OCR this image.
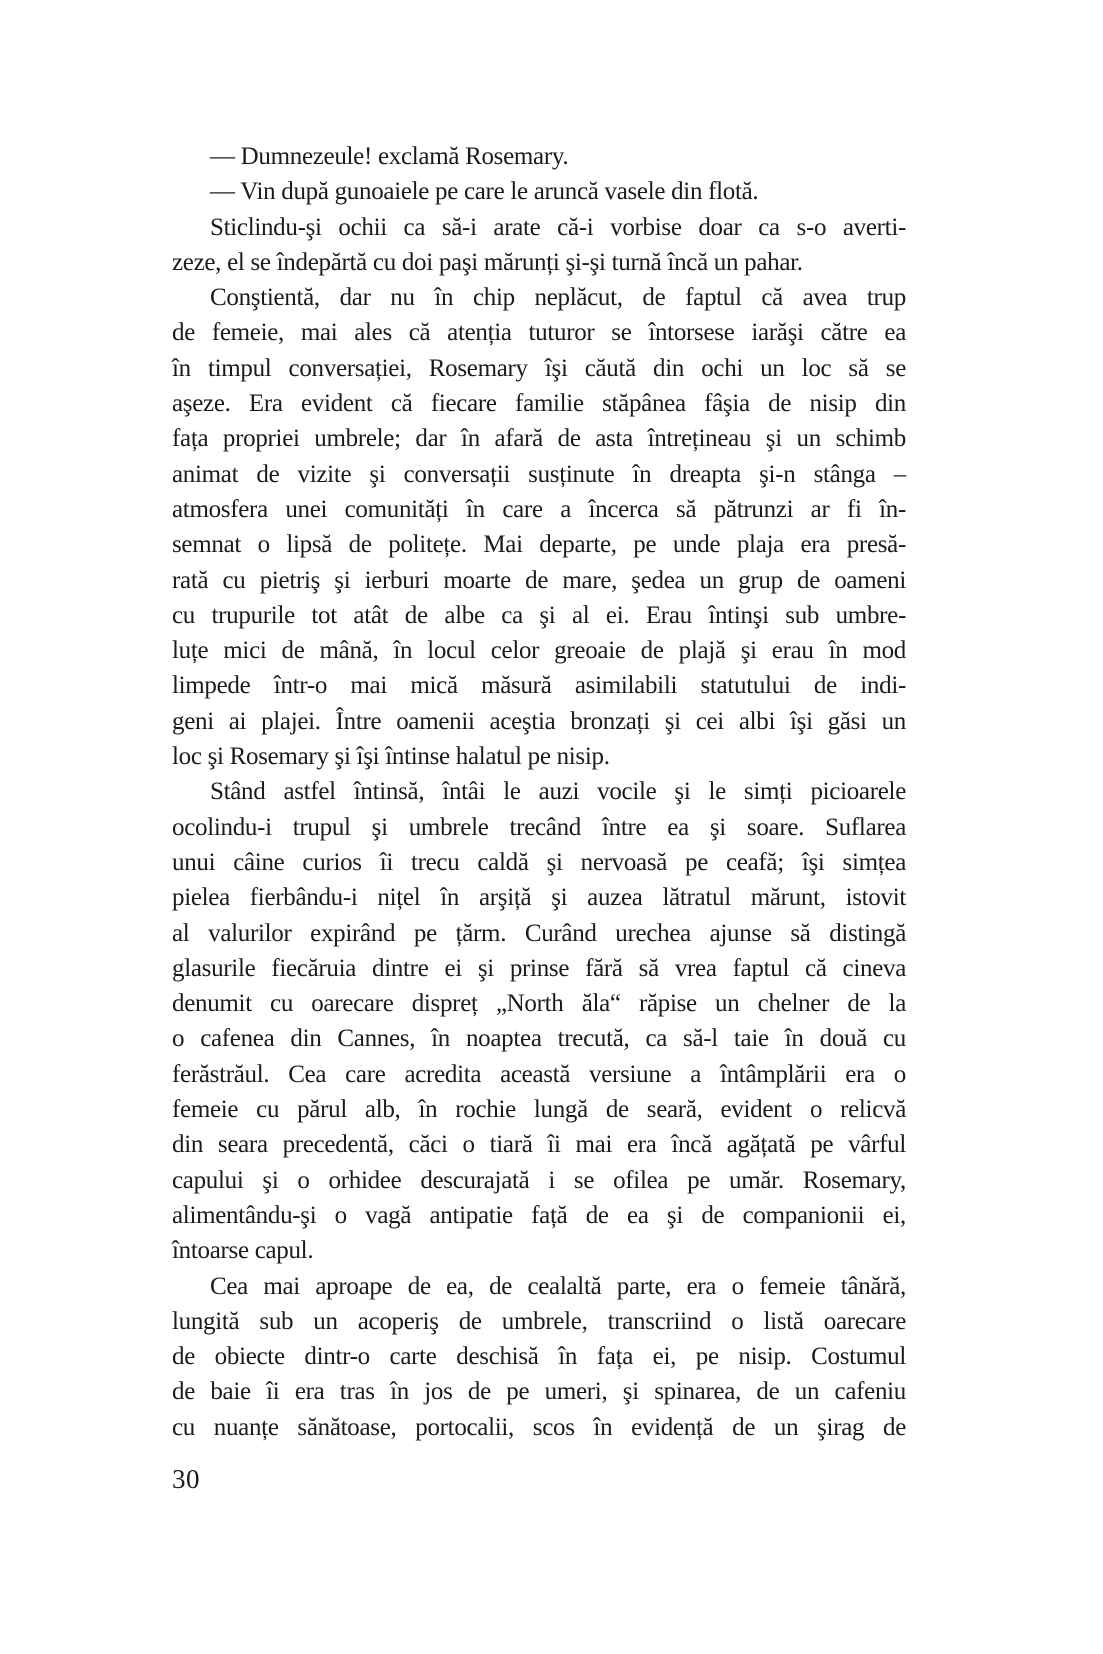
— Dumnezeule! exclamă Rosemary.
— Vin după gunoaiele pe care le aruncă vasele din flotă.
Sticlindu-şi ochii ca să-i arate că-i vorbise doar ca s-o averti-
zeze, el se îndepărtă cu doi paşi mărunți şi-şi turnă încă un pahar.
Conştientă, dar nu în chip neplăcut, de faptul că avea trup
de femeie, mai ales că atenția tuturor se întorsese iarăşi către ea
în timpul conversației, Rosemary îşi căută din ochi un loc să se
aşeze. Era evident că fiecare familie stăpânea fâşia de nisip din
fața propriei umbrele; dar în afară de asta întrețineau şi un schimb
animat de vizite şi conversații susținute în dreapta şi-n stânga –
atmosfera unei comunități în care a încerca să pătrunzi ar fi în-
semnat o lipsă de politețe. Mai departe, pe unde plaja era presă-
rată cu pietriş şi ierburi moarte de mare, şedea un grup de oameni
cu trupurile tot atât de albe ca şi al ei. Erau întinşi sub umbre-
luțe mici de mână, în locul celor greoaie de plajă şi erau în mod
limpede într-o mai mică măsură asimilabili statutului de indi-
geni ai plajei. Între oamenii aceştia bronzați şi cei albi îşi găsi un
loc şi Rosemary şi îşi întinse halatul pe nisip.
Stând astfel întinsă, întâi le auzi vocile şi le simți picioarele
ocolindu-i trupul şi umbrele trecând între ea şi soare. Suflarea
unui câine curios îi trecu caldă şi nervoasă pe ceafă; îşi simțea
pielea fierbându-i nițel în arşiță şi auzea lătratul mărunt, istovit
al valurilor expirând pe țărm. Curând urechea ajunse să distingă
glasurile fiecăruia dintre ei şi prinse fără să vrea faptul că cineva
denumit cu oarecare dispreț „North ăla“ răpise un chelner de la
o cafenea din Cannes, în noaptea trecută, ca să-l taie în două cu
ferăstrăul. Cea care acredita această versiune a întâmplării era o
femeie cu părul alb, în rochie lungă de seară, evident o relicvă
din seara precedentă, căci o tiară îi mai era încă agățată pe vârful
capului şi o orhidee descurajată i se ofilea pe umăr. Rosemary,
alimentându-şi o vagă antipatie față de ea şi de companionii ei,
întoarse capul.
Cea mai aproape de ea, de cealaltă parte, era o femeie tânără,
lungită sub un acoperiş de umbrele, transcriind o listă oarecare
de obiecte dintr-o carte deschisă în fața ei, pe nisip. Costumul
de baie îi era tras în jos de pe umeri, şi spinarea, de un cafeniu
cu nuanțe sănătoase, portocalii, scos în evidență de un şirag de
30
